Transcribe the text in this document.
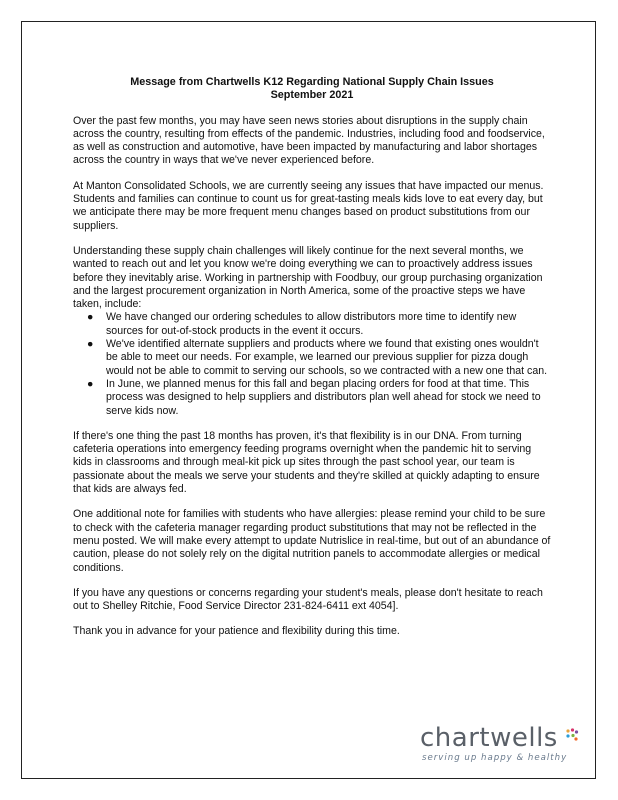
Message from Chartwells K12 Regarding National Supply Chain Issues
September 2021

Over the past few months, you may have seen news stories about disruptions in the supply chain across the country, resulting from effects of the pandemic. Industries, including food and foodservice, as well as construction and automotive, have been impacted by manufacturing and labor shortages across the country in ways that we've never experienced before.

At Manton Consolidated Schools, we are currently seeing any issues that have impacted our menus. Students and families can continue to count us for great-tasting meals kids love to eat every day, but we anticipate there may be more frequent menu changes based on product substitutions from our suppliers.

Understanding these supply chain challenges will likely continue for the next several months, we wanted to reach out and let you know we're doing everything we can to proactively address issues before they inevitably arise. Working in partnership with Foodbuy, our group purchasing organization and the largest procurement organization in North America, some of the proactive steps we have taken, include:

● We have changed our ordering schedules to allow distributors more time to identify new sources for out-of-stock products in the event it occurs.
● We've identified alternate suppliers and products where we found that existing ones wouldn't be able to meet our needs. For example, we learned our previous supplier for pizza dough would not be able to commit to serving our schools, so we contracted with a new one that can.
● In June, we planned menus for this fall and began placing orders for food at that time. This process was designed to help suppliers and distributors plan well ahead for stock we need to serve kids now.

If there's one thing the past 18 months has proven, it's that flexibility is in our DNA. From turning cafeteria operations into emergency feeding programs overnight when the pandemic hit to serving kids in classrooms and through meal-kit pick up sites through the past school year, our team is passionate about the meals we serve your students and they're skilled at quickly adapting to ensure that kids are always fed.

One additional note for families with students who have allergies: please remind your child to be sure to check with the cafeteria manager regarding product substitutions that may not be reflected in the menu posted. We will make every attempt to update Nutrislice in real-time, but out of an abundance of caution, please do not solely rely on the digital nutrition panels to accommodate allergies or medical conditions.

If you have any questions or concerns regarding your student's meals, please don't hesitate to reach out to Shelley Ritchie, Food Service Director 231-824-6411 ext 4054].

Thank you in advance for your patience and flexibility during this time.

chartwells
serving up happy & healthy
